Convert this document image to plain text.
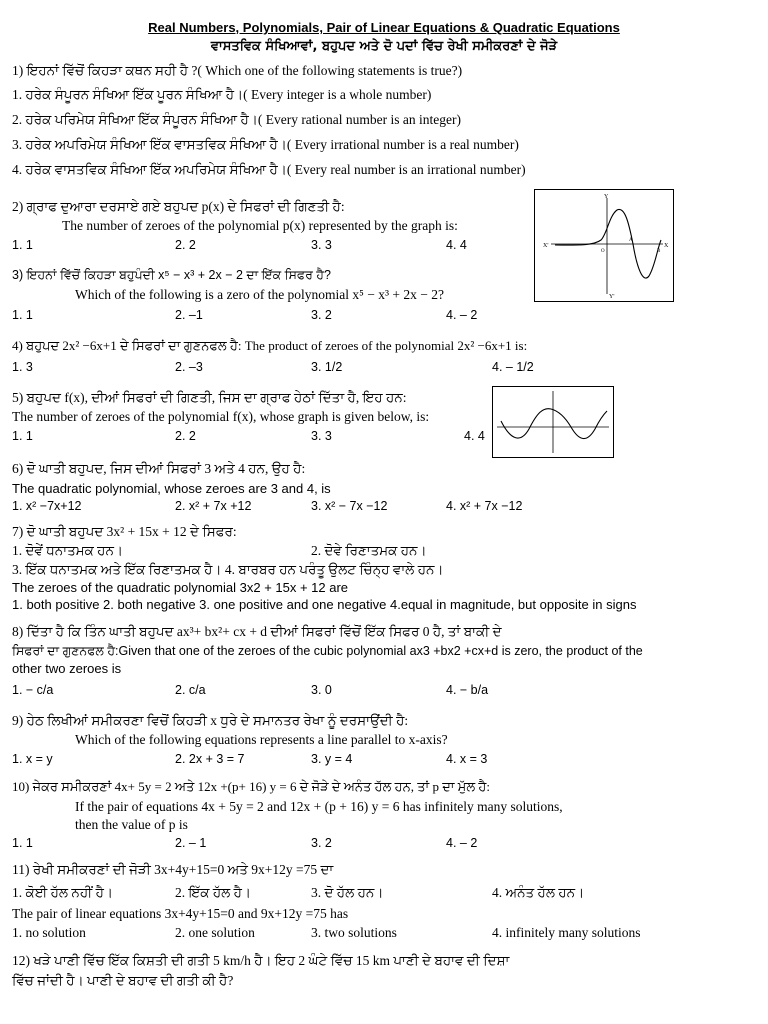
Real Numbers, Polynomials, Pair of Linear Equations & Quadratic Equations
ਵਾਸਤਵਿਕ ਸੰਖਿਆਵਾਂ, ਬਹੁਪਦ ਅਤੇ ਦੋ ਪਦਾਂ ਵਿੱਚ ਰੇਖੀ ਸਮੀਕਰਣਾਂ ਦੇ ਜੋੜੇ
1) ਇਹਨਾਂ ਵਿੱਚੋਂ ਕਿਹੜਾ ਕਥਨ ਸਹੀ ਹੈ ?( Which one of the following statements is true?)
1. ਹਰੇਕ ਸੰਪੂਰਨ ਸੰਖਿਆ ਇੱਕ ਪੂਰਨ ਸੰਖਿਆ ਹੈ।( Every integer is a whole number)
2. ਹਰੇਕ ਪਰਿਮੇਯ ਸੰਖਿਆ ਇੱਕ ਸੰਪੂਰਨ ਸੰਖਿਆ ਹੈ।( Every rational number is an integer)
3. ਹਰੇਕ ਅਪਰਿਮੇਯ ਸੰਖਿਆ ਇੱਕ ਵਾਸਤਵਿਕ ਸੰਖਿਆ ਹੈ।( Every irrational number is a real number)
4. ਹਰੇਕ ਵਾਸਤਵਿਕ ਸੰਖਿਆ ਇੱਕ ਅਪਰਿਮੇਯ ਸੰਖਿਆ ਹੈ।( Every real number is an irrational number)
2) ਗ੍ਰਾਫ ਦੁਆਰਾ ਦਰਸਾਏ ਗਏ ਬਹੁਪਦ p(x) ਦੇ ਸਿਫਰਾਂ ਦੀ ਗਿਣਤੀ ਹੈ:
The number of zeroes of the polynomial p(x) represented by the graph is:
1. 1	2. 2	3. 3	4. 4	X'	X
Y
Y'
O
A
B
3) ਇਹਨਾਂ ਵਿੱਚੋਂ ਕਿਹੜਾ ਬਹੁਪੰਦੀ x⁵ − x³ + 2x − 2 ਦਾ ਇੱਕ ਸਿਫਰ ਹੈ?
Which of the following is a zero of the polynomial x⁵ − x³ + 2x − 2?
1. 1	2. –1	3. 2	4. – 2
4) ਬਹੁਪਦ 2x² −6x+1 ਦੇ ਸਿਫਰਾਂ ਦਾ ਗੁਣਨਫਲ ਹੈ: The product of zeroes of the polynomial 2x² −6x+1 is:
1. 3	2. –3	3. 1/2	4. – 1/2
5) ਬਹੁਪਦ f(x), ਦੀਆਂ ਸਿਫਰਾਂ ਦੀ ਗਿਣਤੀ, ਜਿਸ ਦਾ ਗ੍ਰਾਫ ਹੇਠਾਂ ਦਿੱਤਾ ਹੈ, ਇਹ ਹਨ:
The number of zeroes of the polynomial f(x), whose graph is given below, is:
1. 1	2. 2	3. 3	4. 4
6) ਦੋ ਘਾਤੀ ਬਹੁਪਦ, ਜਿਸ ਦੀਆਂ ਸਿਫਰਾਂ 3 ਅਤੇ 4 ਹਨ, ਉਹ ਹੈ:
The quadratic polynomial, whose zeroes are 3 and 4, is
1. x² −7x+12	2. x² + 7x +12	3. x² − 7x −12	4. x² + 7x −12
7) ਦੋ ਘਾਤੀ ਬਹੁਪਦ 3x² + 15x + 12 ਦੇ ਸਿਫਰ:
1. ਦੋਵੇਂ ਧਨਾਤਮਕ ਹਨ।	2. ਦੋਵੇ ਰਿਣਾਤਮਕ ਹਨ।
3. ਇੱਕ ਧਨਾਤਮਕ ਅਤੇ ਇੱਕ ਰਿਣਾਤਮਕ ਹੈ। 4. ਬਾਰਬਰ ਹਨ ਪਰੰਤੂ ਉਲਟ ਚਿੰਨ੍ਹ ਵਾਲੇ ਹਨ।
The zeroes of the quadratic polynomial 3x2 + 15x + 12 are
1. both positive 2. both negative 3. one positive and one negative 4.equal in magnitude, but opposite in signs
8) ਦਿੱਤਾ ਹੈ ਕਿ ਤਿੰਨ ਘਾਤੀ ਬਹੁਪਦ ax³+ bx²+ cx + d ਦੀਆਂ ਸਿਫਰਾਂ ਵਿੱਚੋਂ ਇੱਕ ਸਿਫਰ 0 ਹੈ, ਤਾਂ ਬਾਕੀ ਦੇ
ਸਿਫਰਾਂ ਦਾ ਗੁਣਨਫਲ ਹੈ:Given that one of the zeroes of the cubic polynomial ax3 +bx2 +cx+d is zero, the product of the
other two zeroes is
1. − c/a	2. c/a	3. 0	4. − b/a
9) ਹੇਠ ਲਿਖੀਆਂ ਸਮੀਕਰਣਾ ਵਿਚੋਂ ਕਿਹੜੀ x ਧੁਰੇ ਦੇ ਸਮਾਨਤਰ ਰੇਖਾ ਨੂੰ ਦਰਸਾਉਂਦੀ ਹੈ:
Which of the following equations represents a line parallel to x-axis?
1. x = y	2. 2x + 3 = 7	3. y = 4	4. x = 3
10) ਜੇਕਰ ਸਮੀਕਰਣਾਂ 4x+ 5y = 2 ਅਤੇ 12x +(p+ 16) y = 6 ਦੇ ਜੋੜੇ ਦੇ ਅਨੰਤ ਹੱਲ ਹਨ, ਤਾਂ p ਦਾ ਮੁੱਲ ਹੈ:
If the pair of equations 4x + 5y = 2 and 12x + (p + 16) y = 6 has infinitely many solutions,
then the value of p is
1. 1	2. – 1	3. 2	4. – 2
11) ਰੇਖੀ ਸਮੀਕਰਣਾਂ ਦੀ ਜੋੜੀ 3x+4y+15=0 ਅਤੇ 9x+12y =75 ਦਾ
1. ਕੋਈ ਹੱਲ ਨਹੀਂ ਹੈ।	2. ਇੱਕ ਹੱਲ ਹੈ।	3. ਦੋ ਹੱਲ ਹਨ।	4. ਅਨੰਤ ਹੱਲ ਹਨ।
The pair of linear equations 3x+4y+15=0 and 9x+12y =75 has
1. no solution	2. one solution	3. two solutions	4. infinitely many solutions
12) ਖੜੇ ਪਾਣੀ ਵਿੱਚ ਇੱਕ ਕਿਸ਼ਤੀ ਦੀ ਗਤੀ 5 km/h ਹੈ। ਇਹ 2 ਘੰਟੇ ਵਿੱਚ 15 km ਪਾਣੀ ਦੇ ਬਹਾਵ ਦੀ ਦਿਸ਼ਾ
ਵਿੱਚ ਜਾਂਦੀ ਹੈ। ਪਾਣੀ ਦੇ ਬਹਾਵ ਦੀ ਗਤੀ ਕੀ ਹੈ?
